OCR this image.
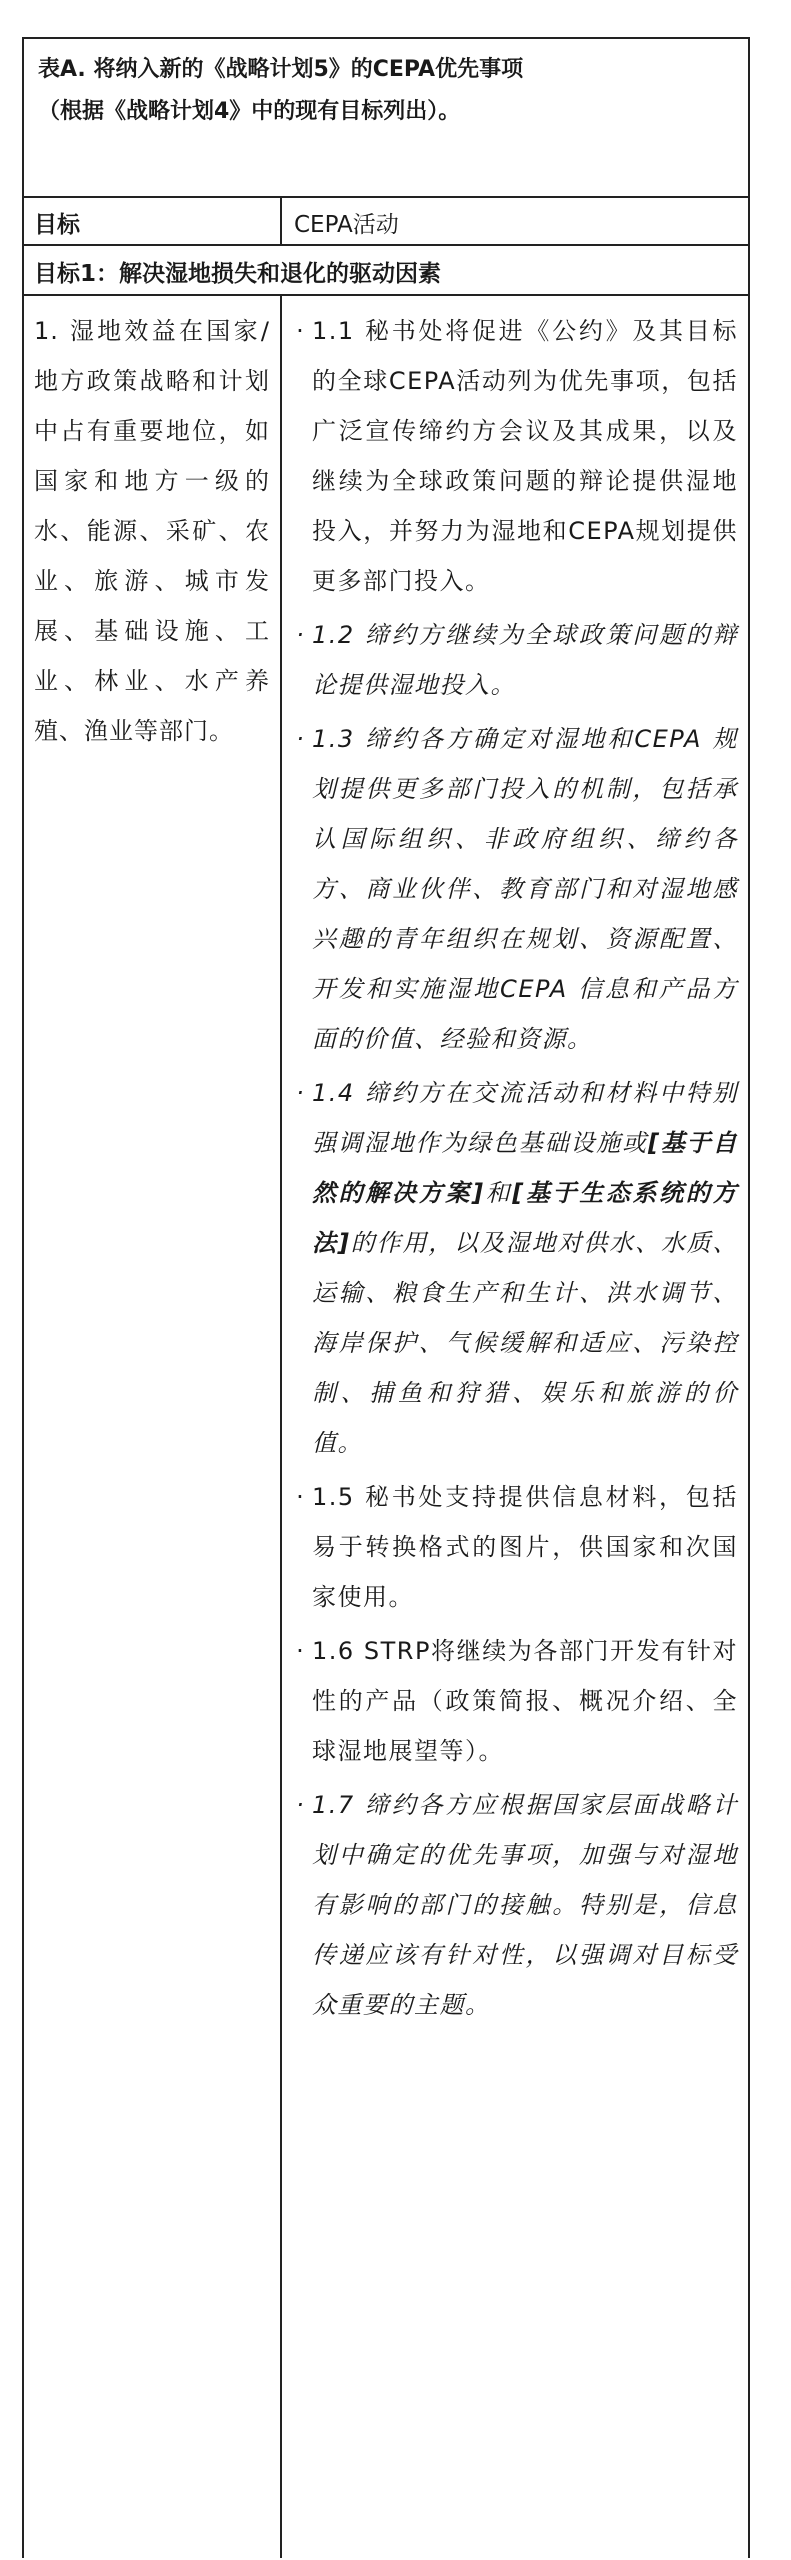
表A. 将纳入新的《战略计划5》的CEPA优先事项
（根据《战略计划4》中的现有目标列出）。
目标	CEPA活动
目标1：解决湿地损失和退化的驱动因素
1. 湿地效益在国家/地方政策战略和计划中占有重要地位，如国家和地方一级的水、能源、采矿、农业、旅游、城市发展、基础设施、工业、林业、水产养殖、渔业等部门。
· 1.1 秘书处将促进《公约》及其目标的全球CEPA活动列为优先事项，包括广泛宣传缔约方会议及其成果，以及继续为全球政策问题的辩论提供湿地投入，并努力为湿地和CEPA规划提供更多部门投入。
· 1.2 缔约方继续为全球政策问题的辩论提供湿地投入。
· 1.3 缔约各方确定对湿地和CEPA 规划提供更多部门投入的机制，包括承认国际组织、非政府组织、缔约各方、商业伙伴、教育部门和对湿地感兴趣的青年组织在规划、资源配置、开发和实施湿地CEPA 信息和产品方面的价值、经验和资源。
· 1.4 缔约方在交流活动和材料中特别强调湿地作为绿色基础设施或[基于自然的解决方案]和[基于生态系统的方法]的作用，以及湿地对供水、水质、运输、粮食生产和生计、洪水调节、海岸保护、气候缓解和适应、污染控制、捕鱼和狩猎、娱乐和旅游的价值。
· 1.5 秘书处支持提供信息材料，包括易于转换格式的图片，供国家和次国家使用。
· 1.6 STRP将继续为各部门开发有针对性的产品（政策简报、概况介绍、全球湿地展望等）。
· 1.7 缔约各方应根据国家层面战略计划中确定的优先事项，加强与对湿地有影响的部门的接触。特别是，信息传递应该有针对性，以强调对目标受众重要的主题。
